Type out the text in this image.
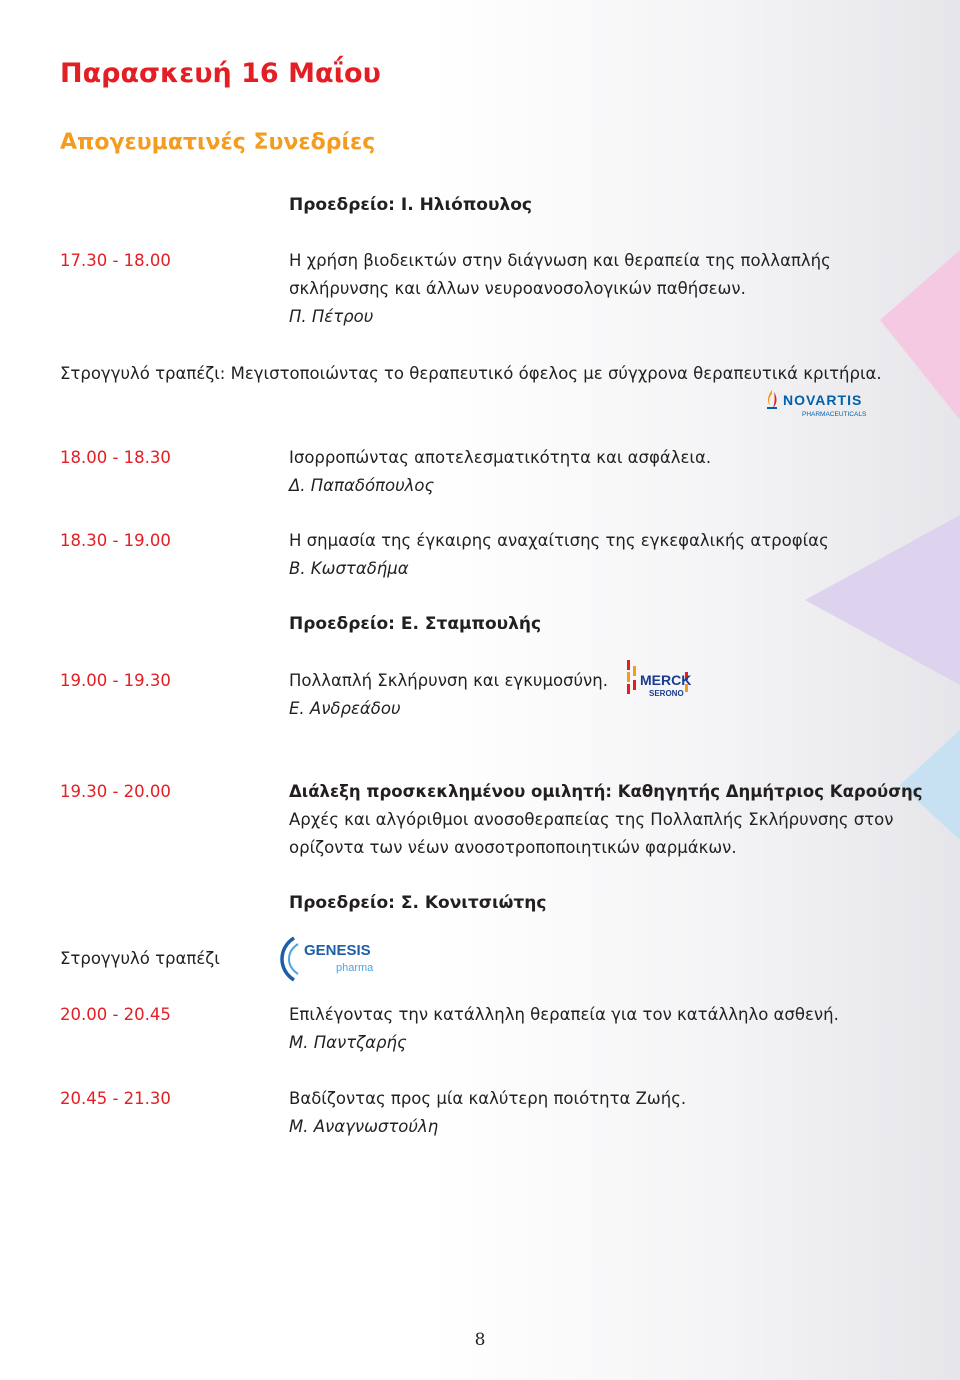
Παρασκευή 16 Μαΐου
Απογευματινές Συνεδρίες

Προεδρείο: Ι. Ηλιόπουλος

17.30 - 18.00	Η χρήση βιοδεικτών στην διάγνωση και θεραπεία της πολλαπλής

σκλήρυνσης και άλλων νευροανοσολογικών παθήσεων.

Π. Πέτρου

Στρογγυλό τραπέζι: Μεγιστοποιώντας το θεραπευτικό όφελος με σύγχρονα θεραπευτικά κριτήρια.

NOVARTIS
PHARMACEUTICALS

18.00 - 18.30	Ισορροπώντας αποτελεσματικότητα και ασφάλεια.

Δ. Παπαδόπουλος

18.30 - 19.00	Η σημασία της έγκαιρης αναχαίτισης της εγκεφαλικής ατροφίας

Β. Κωσταδήμα

Προεδρείο: Ε. Σταμπουλής

19.00 - 19.30	Πολλαπλή Σκλήρυνση και εγκυμοσύνη.

Ε. Ανδρεάδου

MERCK
SERONO

19.30 - 20.00	Διάλεξη προσκεκλημένου ομιλητή: Καθηγητής Δημήτριος Καρούσης

Αρχές και αλγόριθμοι ανοσοθεραπείας της Πολλαπλής Σκλήρυνσης στον

ορίζοντα των νέων ανοσοτροποποιητικών φαρμάκων.

Προεδρείο: Σ. Κονιτσιώτης

Στρογγυλό τραπέζι	GENESIS
pharma

20.00 - 20.45	Επιλέγοντας την κατάλληλη θεραπεία για τον κατάλληλο ασθενή.

Μ. Παντζαρής

20.45 - 21.30	Βαδίζοντας προς μία καλύτερη ποιότητα Ζωής.

Μ. Αναγνωστούλη

8
